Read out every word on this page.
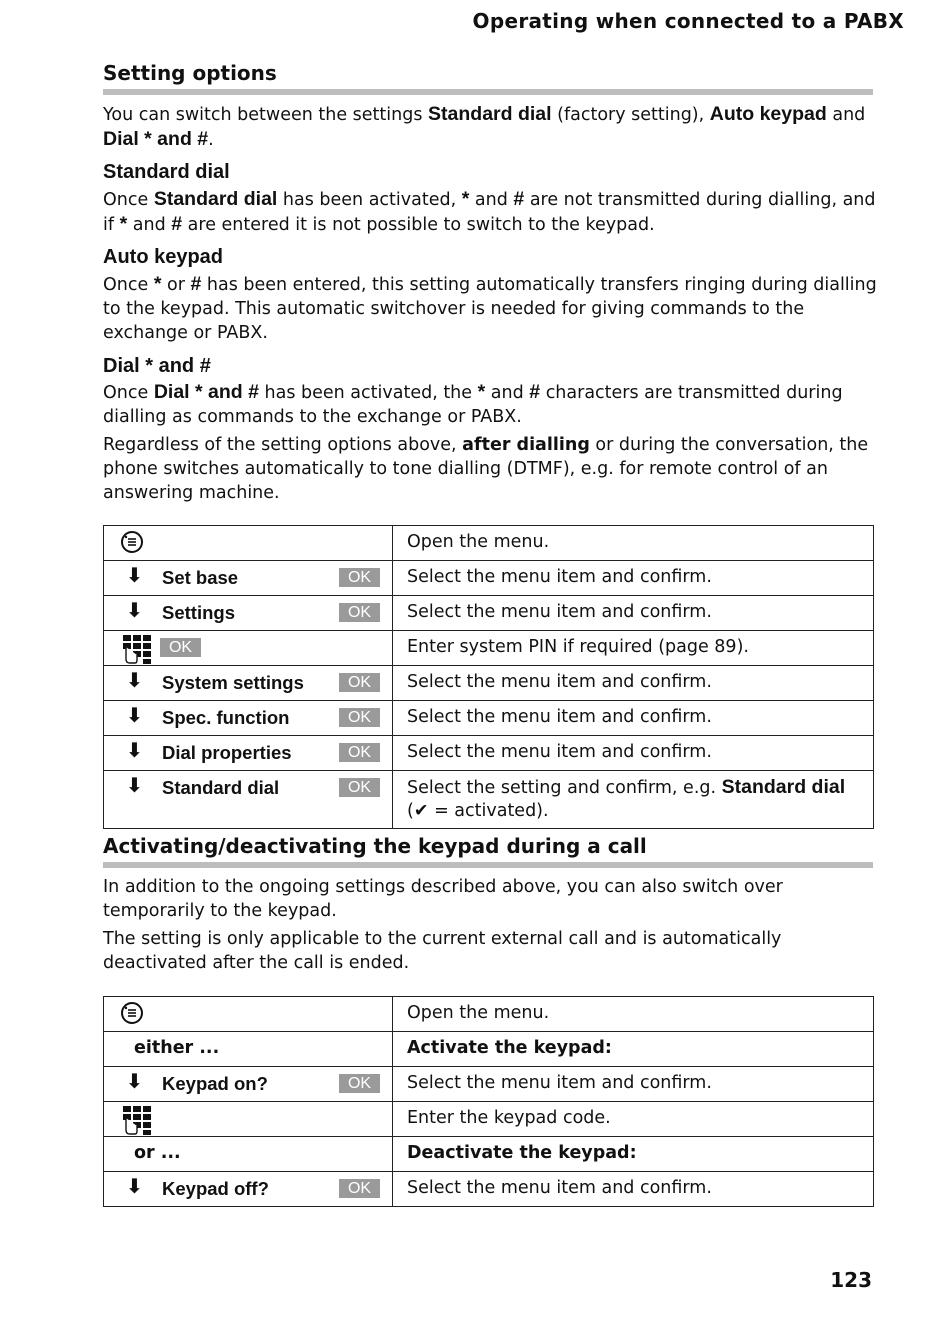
Operating when connected to a PABX
Setting options
You can switch between the settings Standard dial (factory setting), Auto keypad and
Dial * and #.
Standard dial
Once Standard dial has been activated, * and # are not transmitted during dialling, and if * and # are entered it is not possible to switch to the keypad.
Auto keypad
Once * or # has been entered, this setting automatically transfers ringing during dialling to the keypad. This automatic switchover is needed for giving commands to the exchange or PABX.
Dial * and #
Once Dial * and # has been activated, the * and # characters are transmitted during dialling as commands to the exchange or PABX.
Regardless of the setting options above, after dialling or during the conversation, the phone switches automatically to tone dialling (DTMF), e.g. for remote control of an answering machine.
	Open the menu.

⬇ Set base OK	Select the menu item and confirm.

⬇ Settings OK	Select the menu item and confirm.

OK	Enter system PIN if required (page 89).

⬇ System settings OK	Select the menu item and confirm.

⬇ Spec. function OK	Select the menu item and confirm.

⬇ Dial properties OK	Select the menu item and confirm.

⬇ Standard dial OK	Select the setting and confirm, e.g. Standard dial
(✔ = activated).
Activating/deactivating the keypad during a call
In addition to the ongoing settings described above, you can also switch over temporarily to the keypad.
The setting is only applicable to the current external call and is automatically deactivated after the call is ended.
	Open the menu.

either ...	Activate the keypad:

⬇ Keypad on? OK	Select the menu item and confirm.

	Enter the keypad code.

or ...	Deactivate the keypad:

⬇ Keypad off? OK	Select the menu item and confirm.
123
